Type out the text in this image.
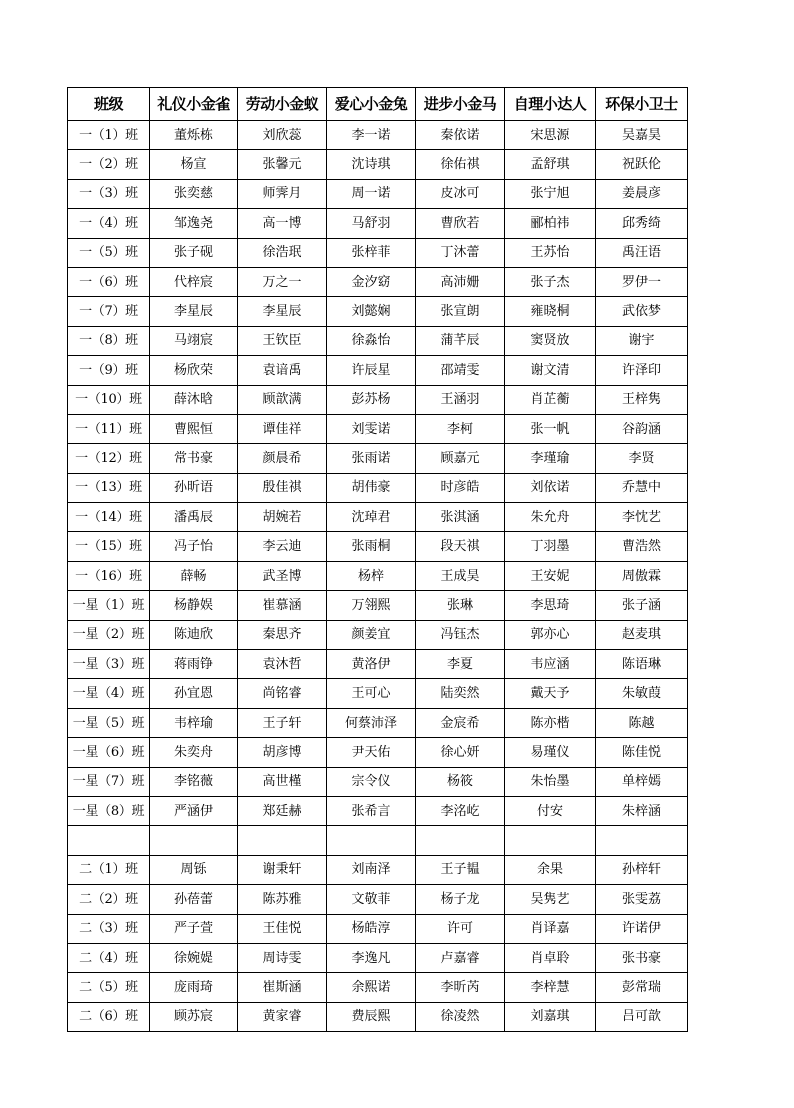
班级	礼仪小金雀	劳动小金蚁	爱心小金兔	进步小金马	自理小达人	环保小卫士
一（1）班	董烁栋	刘欣蕊	李一诺	秦依诺	宋思源	吴嘉昊
一（2）班	杨宣	张馨元	沈诗琪	徐佑祺	孟舒琪	祝跃伦
一（3）班	张奕慈	师霁月	周一诺	皮冰可	张宁旭	姜晨彦
一（4）班	邹逸尧	高一博	马舒羽	曹欣若	郦柏祎	邱秀绮
一（5）班	张子砚	徐浩珉	张梓菲	丁沐蕾	王苏怡	禹汪语
一（6）班	代梓宸	万之一	金汐窈	高沛姗	张子杰	罗伊一
一（7）班	李星辰	李星辰	刘懿娴	张宣朗	雍晓桐	武依梦
一（8）班	马翊宸	王钦臣	徐淼怡	蒲芊辰	窦贤放	谢宇
一（9）班	杨欣荣	袁谙禹	许辰星	邵靖雯	谢文清	许泽印
一（10）班	薛沐晗	顾歆满	彭苏杨	王涵羽	肖芷蘅	王梓隽
一（11）班	曹熙恒	谭佳祥	刘雯诺	李柯	张一帆	谷韵涵
一（12）班	常书豪	颜晨希	张雨诺	顾嘉元	李瑾瑜	李贤
一（13）班	孙昕语	殷佳祺	胡伟豪	时彦皓	刘依诺	乔慧中
一（14）班	潘禹辰	胡婉若	沈琸君	张淇涵	朱允舟	李忱艺
一（15）班	冯子怡	李云迪	张雨桐	段天祺	丁羽墨	曹浩然
一（16）班	薛畅	武圣博	杨梓	王成昊	王安妮	周傲霖
一星（1）班	杨静娱	崔慕涵	万翎熙	张琳	李思琦	张子涵
一星（2）班	陈迪欣	秦思齐	颜姜宜	冯钰杰	郭亦心	赵麦琪
一星（3）班	蒋雨铮	袁沐哲	黄洛伊	李夏	韦应涵	陈语琳
一星（4）班	孙宜恩	尚铭睿	王可心	陆奕然	戴天予	朱敏葭
一星（5）班	韦梓瑜	王子轩	何蔡沛泽	金宸希	陈亦楷	陈越
一星（6）班	朱奕舟	胡彦博	尹天佑	徐心妍	易瑾仪	陈佳悦
一星（7）班	李铭薇	高世槿	宗令仪	杨筱	朱怡墨	单梓嫣
一星（8）班	严涵伊	郑廷赫	张希言	李洺屹	付安	朱梓涵

二（1）班	周铄	谢秉轩	刘南泽	王子韫	余果	孙梓轩
二（2）班	孙蓓蕾	陈苏雅	文敬菲	杨子龙	吴隽艺	张雯荔
二（3）班	严子萱	王佳悦	杨皓淳	许可	肖译嘉	许诺伊
二（4）班	徐婉媞	周诗雯	李逸凡	卢嘉睿	肖卓聆	张书豪
二（5）班	庞雨琦	崔斯涵	余熙诺	李昕芮	李梓慧	彭常瑞
二（6）班	顾苏宸	黄家睿	费辰熙	徐凌然	刘嘉琪	吕可歆
